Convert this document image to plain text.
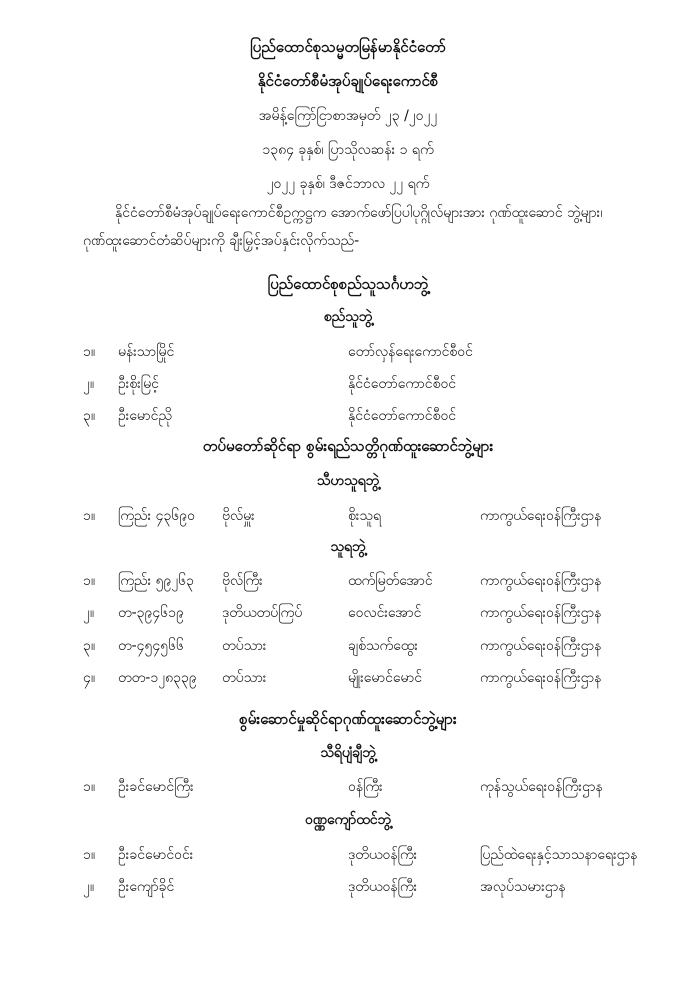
ပြည်ထောင်စုသမ္မတမြန်မာနိုင်ငံတော်
နိုင်ငံတော်စီမံအုပ်ချုပ်ရေးကောင်စီ
အမိန့်ကြော်ငြာစာအမှတ် ၂၃ /၂၀၂၂
၁၃၈၄ ခုနှစ်၊ ပြာသိုလဆန်း ၁ ရက်
၂၀၂၂ ခုနှစ်၊ ဒီဇင်ဘာလ ၂၂ ရက်
နိုင်ငံတော်စီမံအုပ်ချုပ်ရေးကောင်စီဥက္ကဋ္ဌက အောက်ဖော်ပြပါပုဂ္ဂိုလ်များအား ဂုဏ်ထူးဆောင် ဘွဲ့များ၊ ဂုဏ်ထူးဆောင်တံဆိပ်များကို ချီးမြှင့်အပ်နှင်းလိုက်သည်-
ပြည်ထောင်စုစည်သူသင်္ဂဟဘွဲ့
စည်သူဘွဲ့
၁။ မန်းသာမြိုင်	တော်လှန်ရေးကောင်စီဝင်
၂။ ဦးစိုးမြင့်	နိုင်ငံတော်ကောင်စီဝင်
၃။ ဦးမောင်ညို	နိုင်ငံတော်ကောင်စီဝင်
တပ်မတော်ဆိုင်ရာ စွမ်းရည်သတ္တိဂုဏ်ထူးဆောင်ဘွဲ့များ
သီဟသူရဘွဲ့
၁။ ကြည်း ၄၃၆၉၀ ဗိုလ်မှူး	စိုးသူရ	ကာကွယ်ရေးဝန်ကြီးဌာန
သူရဘွဲ့
၁။ ကြည်း ၅၉၂၆၃ ဗိုလ်ကြီး	ထက်မြတ်အောင်	ကာကွယ်ရေးဝန်ကြီးဌာန
၂။ တ-၃၉၄၆၁၉	ဒုတိယတပ်ကြပ်	ဝေလင်းအောင်	ကာကွယ်ရေးဝန်ကြီးဌာန
၃။ တ-၄၅၄၅၆၆	တပ်သား	ချစ်သက်ထွေး	ကာကွယ်ရေးဝန်ကြီးဌာန
၄။ တတ-၁၂၈၃၃၉ တပ်သား	မျိုးမောင်မောင်	ကာကွယ်ရေးဝန်ကြီးဌာန
စွမ်းဆောင်မှုဆိုင်ရာဂုဏ်ထူးဆောင်ဘွဲ့များ
သီရိပျံချီဘွဲ့
၁။ ဦးခင်မောင်ကြီး	ဝန်ကြီး	ကုန်သွယ်ရေးဝန်ကြီးဌာန
ဝဏ္ဏကျော်ထင်ဘွဲ့
၁။ ဦးခင်မောင်ဝင်း	ဒုတိယဝန်ကြီး	ပြည်ထဲရေးနှင့်သာသနာရေးဌာန
၂။ ဦးကျော်ခိုင်	ဒုတိယဝန်ကြီး	အလုပ်သမားဌာန
